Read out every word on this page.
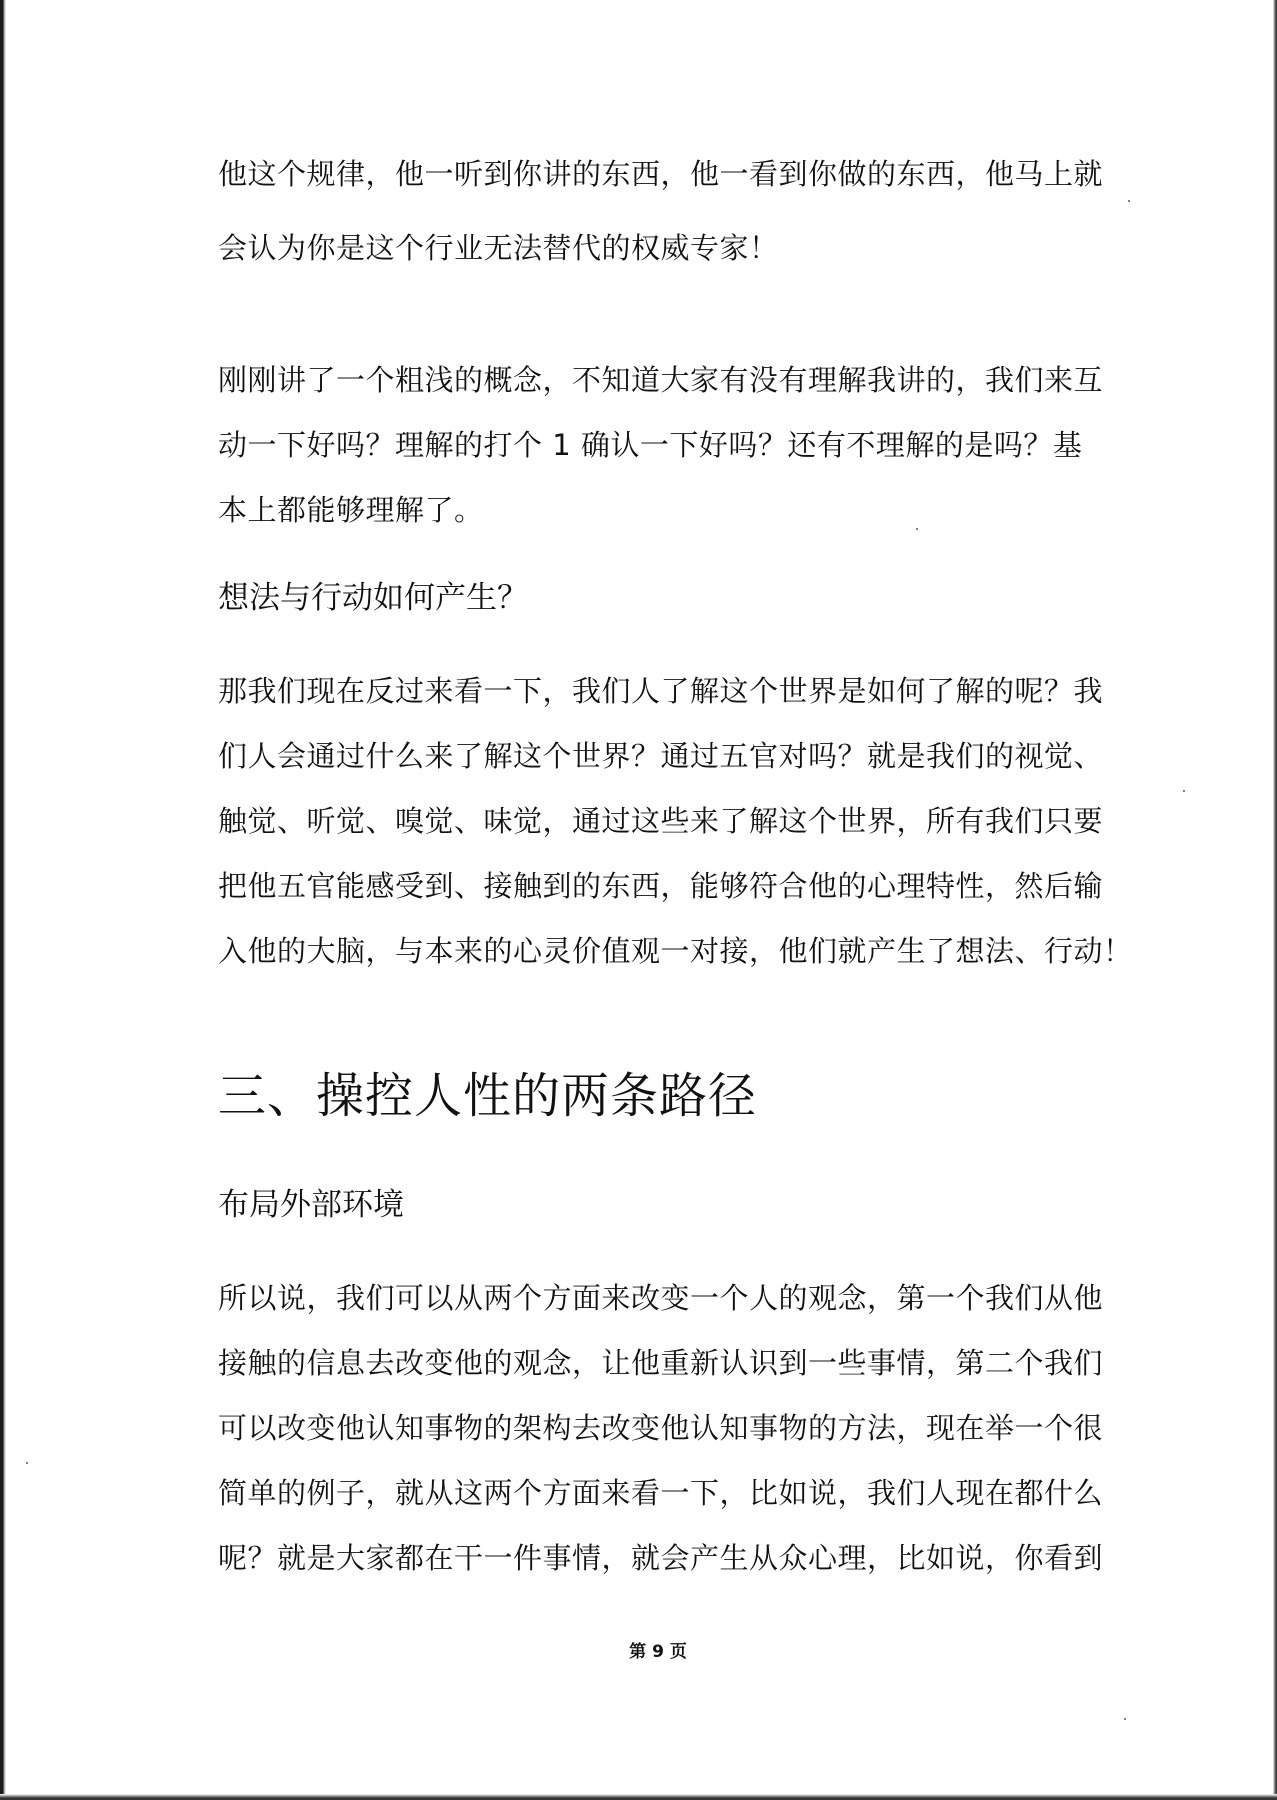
他这个规律，他一听到你讲的东西，他一看到你做的东西，他马上就
会认为你是这个行业无法替代的权威专家！
刚刚讲了一个粗浅的概念，不知道大家有没有理解我讲的，我们来互
动一下好吗？理解的打个 1 确认一下好吗？还有不理解的是吗？基
本上都能够理解了。
想法与行动如何产生？
那我们现在反过来看一下，我们人了解这个世界是如何了解的呢？我
们人会通过什么来了解这个世界？通过五官对吗？就是我们的视觉、
触觉、听觉、嗅觉、味觉，通过这些来了解这个世界，所有我们只要
把他五官能感受到、接触到的东西，能够符合他的心理特性，然后输
入他的大脑，与本来的心灵价值观一对接，他们就产生了想法、行动！
三、操控人性的两条路径
布局外部环境
所以说，我们可以从两个方面来改变一个人的观念，第一个我们从他
接触的信息去改变他的观念，让他重新认识到一些事情，第二个我们
可以改变他认知事物的架构去改变他认知事物的方法，现在举一个很
简单的例子，就从这两个方面来看一下，比如说，我们人现在都什么
呢？就是大家都在干一件事情，就会产生从众心理，比如说，你看到
第 9 页
